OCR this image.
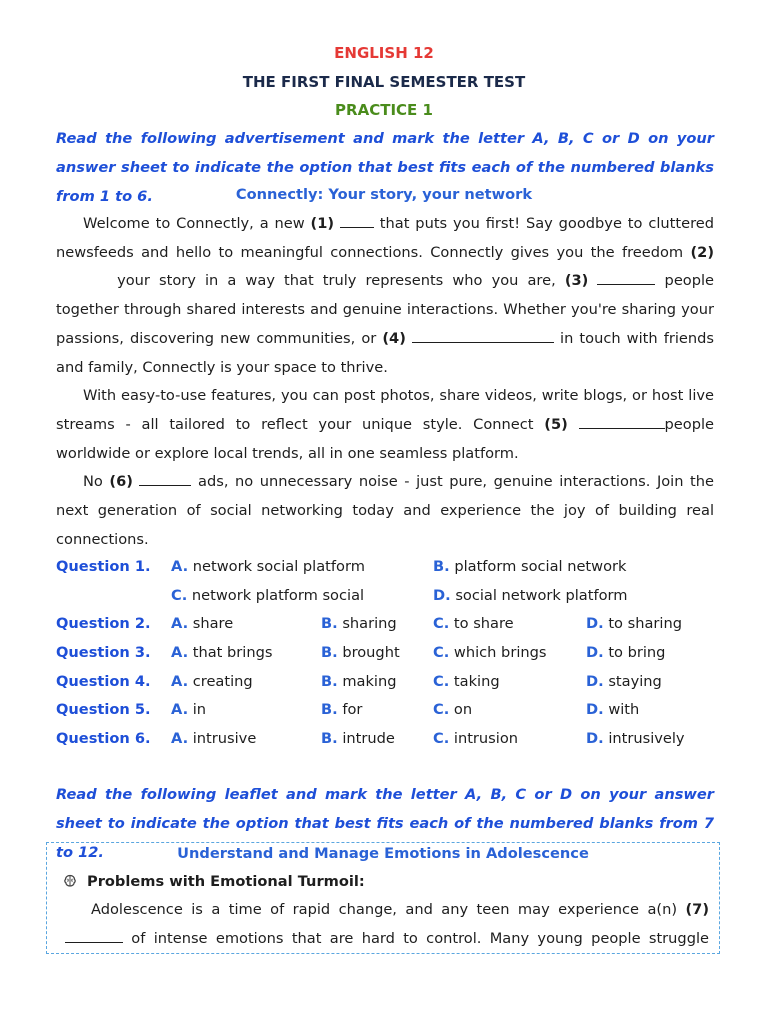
ENGLISH 12
THE FIRST FINAL SEMESTER TEST
PRACTICE 1
Read the following advertisement and mark the letter A, B, C or D on your answer sheet to indicate the option that best fits each of the numbered blanks from 1 to 6.	Connectly: Your story, your network

Welcome to Connectly, a new (1)	that puts you first! Say goodbye to cluttered newsfeeds and hello to meaningful connections. Connectly gives you the freedom (2)  your story in a way that truly represents who you are, (3)	people together through shared interests and genuine interactions. Whether you're sharing your passions, discovering new communities, or (4)	in touch with friends and family, Connectly is your space to thrive.

With easy-to-use features, you can post photos, share videos, write blogs, or host live streams - all tailored to reflect your unique style. Connect (5)	people worldwide or explore local trends, all in one seamless platform.

No (6)	ads, no unnecessary noise - just pure, genuine interactions. Join the next generation of social networking today and experience the joy of building real connections.

Question 1. A. network social platform	B. platform social network
C. network platform social	D. social network platform
Question 2. A. share	B. sharing C. to share	D. to sharing
Question 3. A. that brings	B. brought C. which brings	D. to bring
Question 4. A. creating	B. making	C. taking	D. staying
Question 5. A. in	B. for	C. on	D. with
Question 6. A. intrusive	B. intrude	C. intrusion	D. intrusively
Read the following leaflet and mark the letter A, B, C or D on your answer sheet to indicate the option that best fits each of the numbered blanks from 7 to 12.	Understand and Manage Emotions in Adolescence
Problems with Emotional Turmoil:

Adolescence is a time of rapid change, and any teen may experience a(n) (7)  of intense emotions that are hard to control. Many young people struggle
